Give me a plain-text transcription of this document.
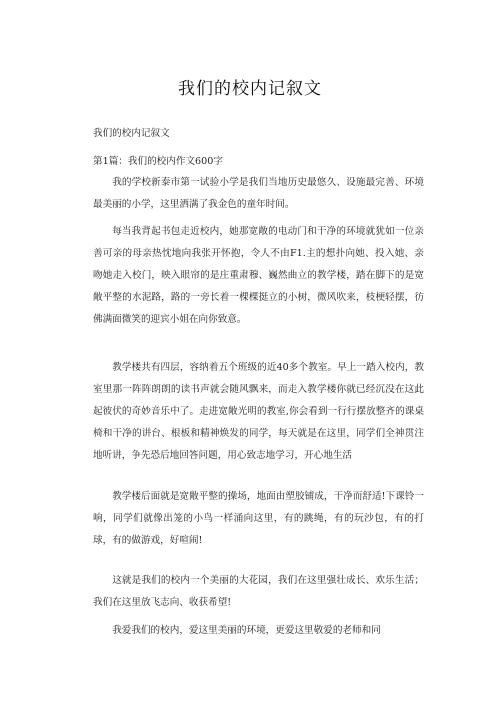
我们的校内记叙文
我们的校内记叙文
第1篇：我们的校内作文600字

我的学校新泰市第一试验小学是我们当地历史最悠久、设施最完善、环境最美丽的小学，这里洒满了我金色的童年时间。

每当我背起书包走近校内，她那宽敞的电动门和干净的环境就犹如一位亲善可亲的母亲热忱地向我张开怀抱，令人不由F1.主的想扑向她、投入她、亲吻她走入校门，映入眼帘的是庄重肃穆、巍然曲立的教学楼，踏在脚下的是宽敞平整的水泥路，路的一旁长着一棵棵挺立的小树，微风吹来，枝梗轻摆，彷佛满面微笑的迎宾小姐在向你致意。

教学楼共有四层，容纳着五个班级的近40多个教室。早上一踏入校内，教室里那一阵阵朗朗的读书声就会随风飘来，而走入教学楼你就已经沉没在这此起彼伏的奇妙音乐中了。走进宽敞光明的教室,你会看到一行行摆放整齐的课桌椅和干净的讲台、根板和精神焕发的同学，每天就是在这里，同学们全神贯注地听讲，争先恐后地回答问题，用心致志地学习，开心地生活

教学楼后面就是宽敞平整的操场，地面由塑胶铺成，干净而舒适!下课铃一响，同学们就像出笼的小鸟一样涌向这里，有的跳绳，有的玩沙包，有的打球，有的做游戏，好喧闹!

这就是我们的校内一个美丽的大花园，我们在这里强壮成长、欢乐生活；我们在这里放飞志向、收获希望!

我爱我们的校内，爱这里美丽的环境，更爱这里敬爱的老师和同
